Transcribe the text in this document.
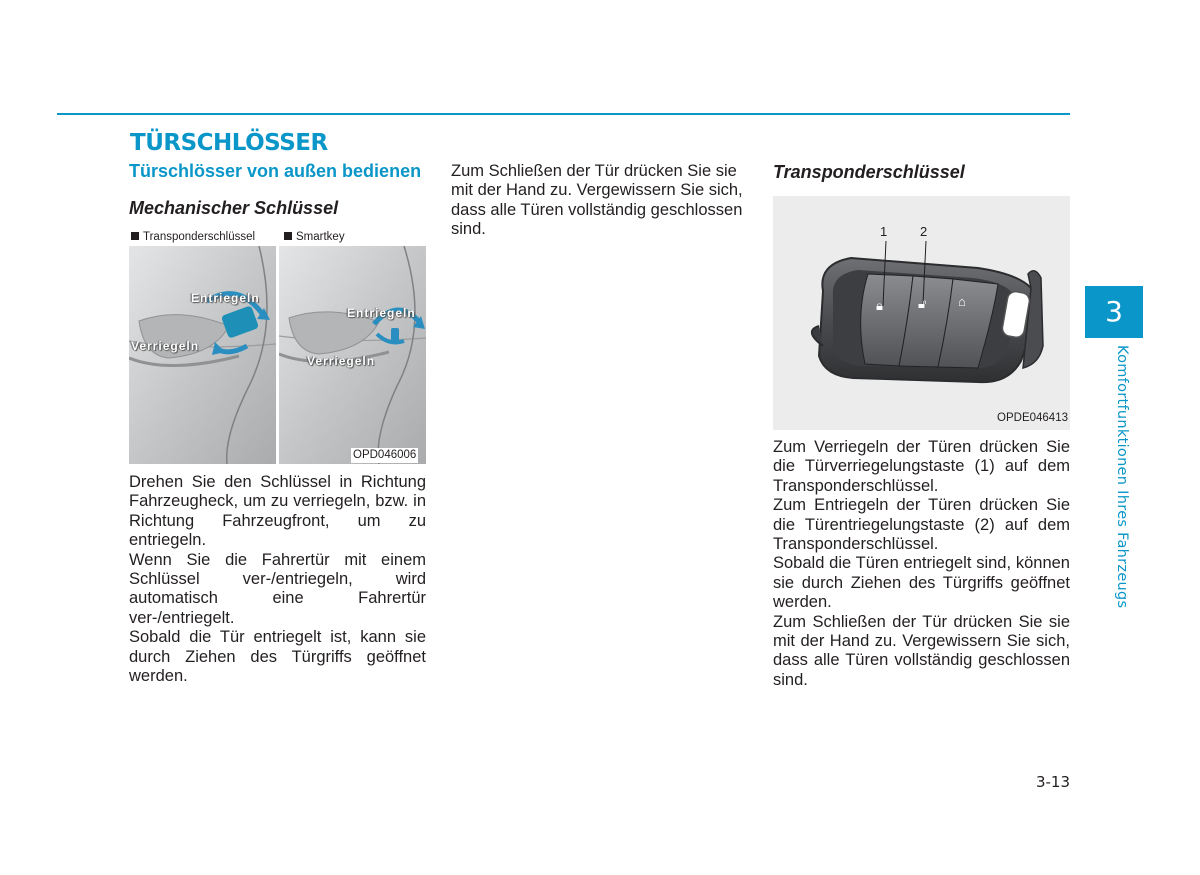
TÜRSCHLÖSSER
Türschlösser von außen bedienen
Mechanischer Schlüssel
Transponderschlüssel	Smartkey
Entriegeln
Verriegeln
Entriegeln
Verriegeln
OPD046006

Drehen Sie den Schlüssel in Richtung Fahrzeugheck, um zu verriegeln, bzw. in Richtung Fahrzeugfront, um zu entriegeln.

Wenn Sie die Fahrertür mit einem Schlüssel ver-/entriegeln, wird automatisch eine Fahrertür ver-/entriegelt.

Sobald die Tür entriegelt ist, kann sie durch Ziehen des Türgriffs geöffnet werden.

Zum Schließen der Tür drücken Sie sie mit der Hand zu. Vergewissern Sie sich, dass alle Türen vollständig geschlossen sind.

Transponderschlüssel
1	2
🔒︎	🔓︎ ⌂
OPDE046413

Zum Verriegeln der Türen drücken Sie die Türverriegelungstaste (1) auf dem Transponderschlüssel.

Zum Entriegeln der Türen drücken Sie die Türentriegelungstaste (2) auf dem Transponderschlüssel.

Sobald die Türen entriegelt sind, können sie durch Ziehen des Türgriffs geöffnet werden.

Zum Schließen der Tür drücken Sie sie mit der Hand zu. Vergewissern Sie sich, dass alle Türen vollständig geschlossen sind.

3
Komfortfunktionen Ihres Fahrzeugs
3-13
